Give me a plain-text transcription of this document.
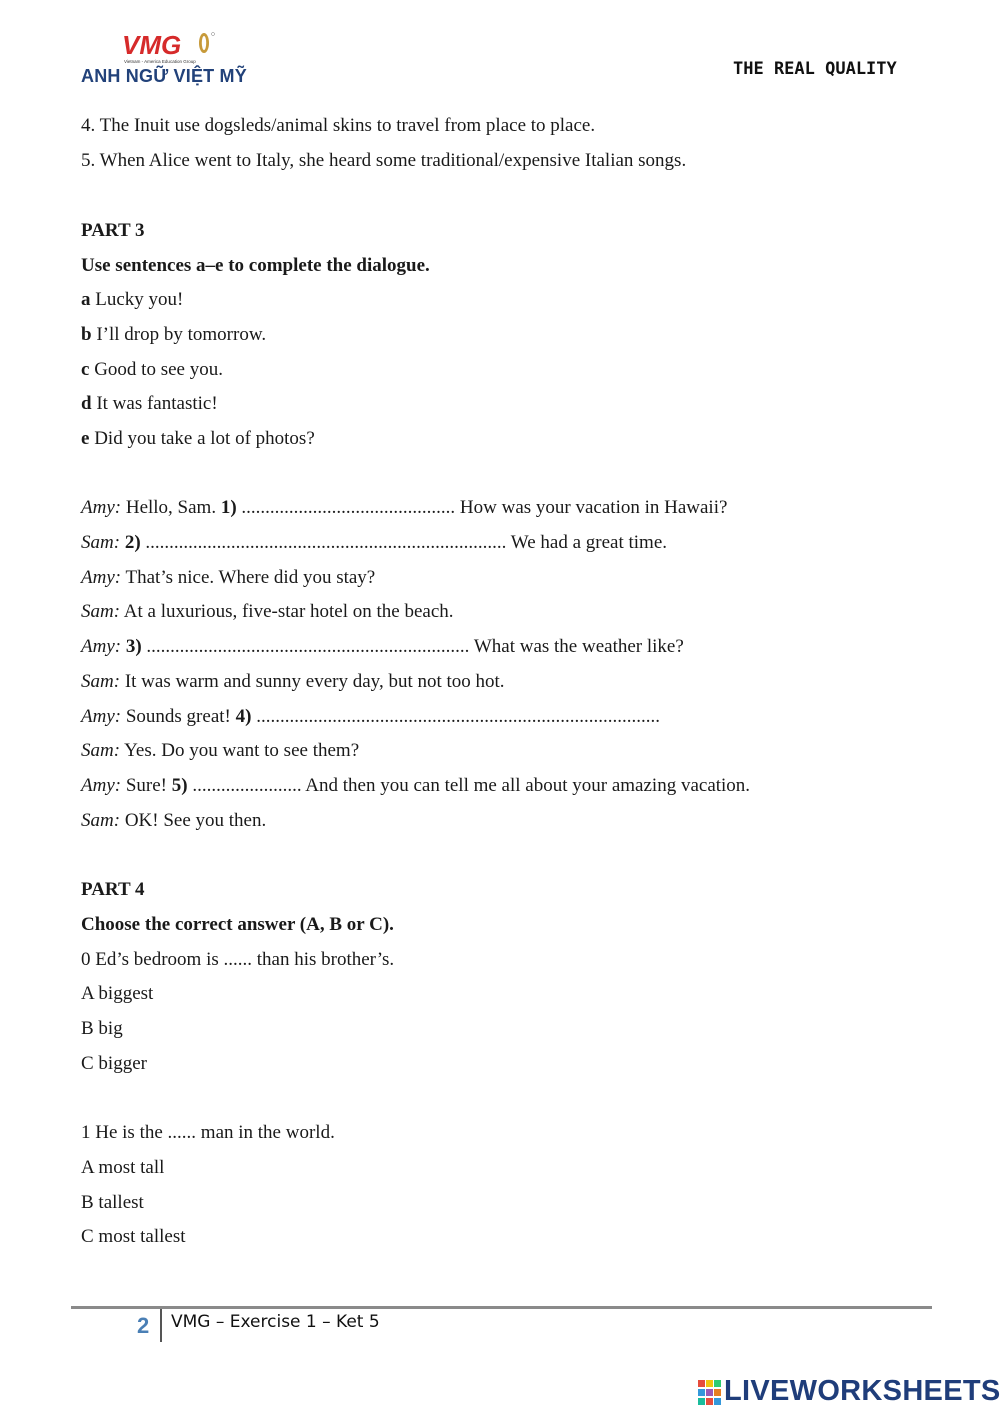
VMG
Vietnam - America Education Group
ANH NGỮ VIỆT MỸ	THE REAL QUALITY
4. The Inuit use dogsleds/animal skins to travel from place to place.
5. When Alice went to Italy, she heard some traditional/expensive Italian songs.
PART 3
Use sentences a–e to complete the dialogue.
a Lucky you!
b I’ll drop by tomorrow.
c Good to see you.
d It was fantastic!
e Did you take a lot of photos?
Amy: Hello, Sam. 1) ............................................. How was your vacation in Hawaii?
Sam: 2) ............................................................................ We had a great time.
Amy: That’s nice. Where did you stay?
Sam: At a luxurious, five-star hotel on the beach.
Amy: 3) .................................................................... What was the weather like?
Sam: It was warm and sunny every day, but not too hot.
Amy: Sounds great! 4) .....................................................................................
Sam: Yes. Do you want to see them?
Amy: Sure! 5) ....................... And then you can tell me all about your amazing vacation.
Sam: OK! See you then.
PART 4
Choose the correct answer (A, B or C).
0 Ed’s bedroom is ...... than his brother’s.
A biggest
B big
C bigger
1 He is the ...... man in the world.
A most tall
B tallest
C most tallest
2 VMG – Exercise 1 – Ket 5
LIVEWORKSHEETS
